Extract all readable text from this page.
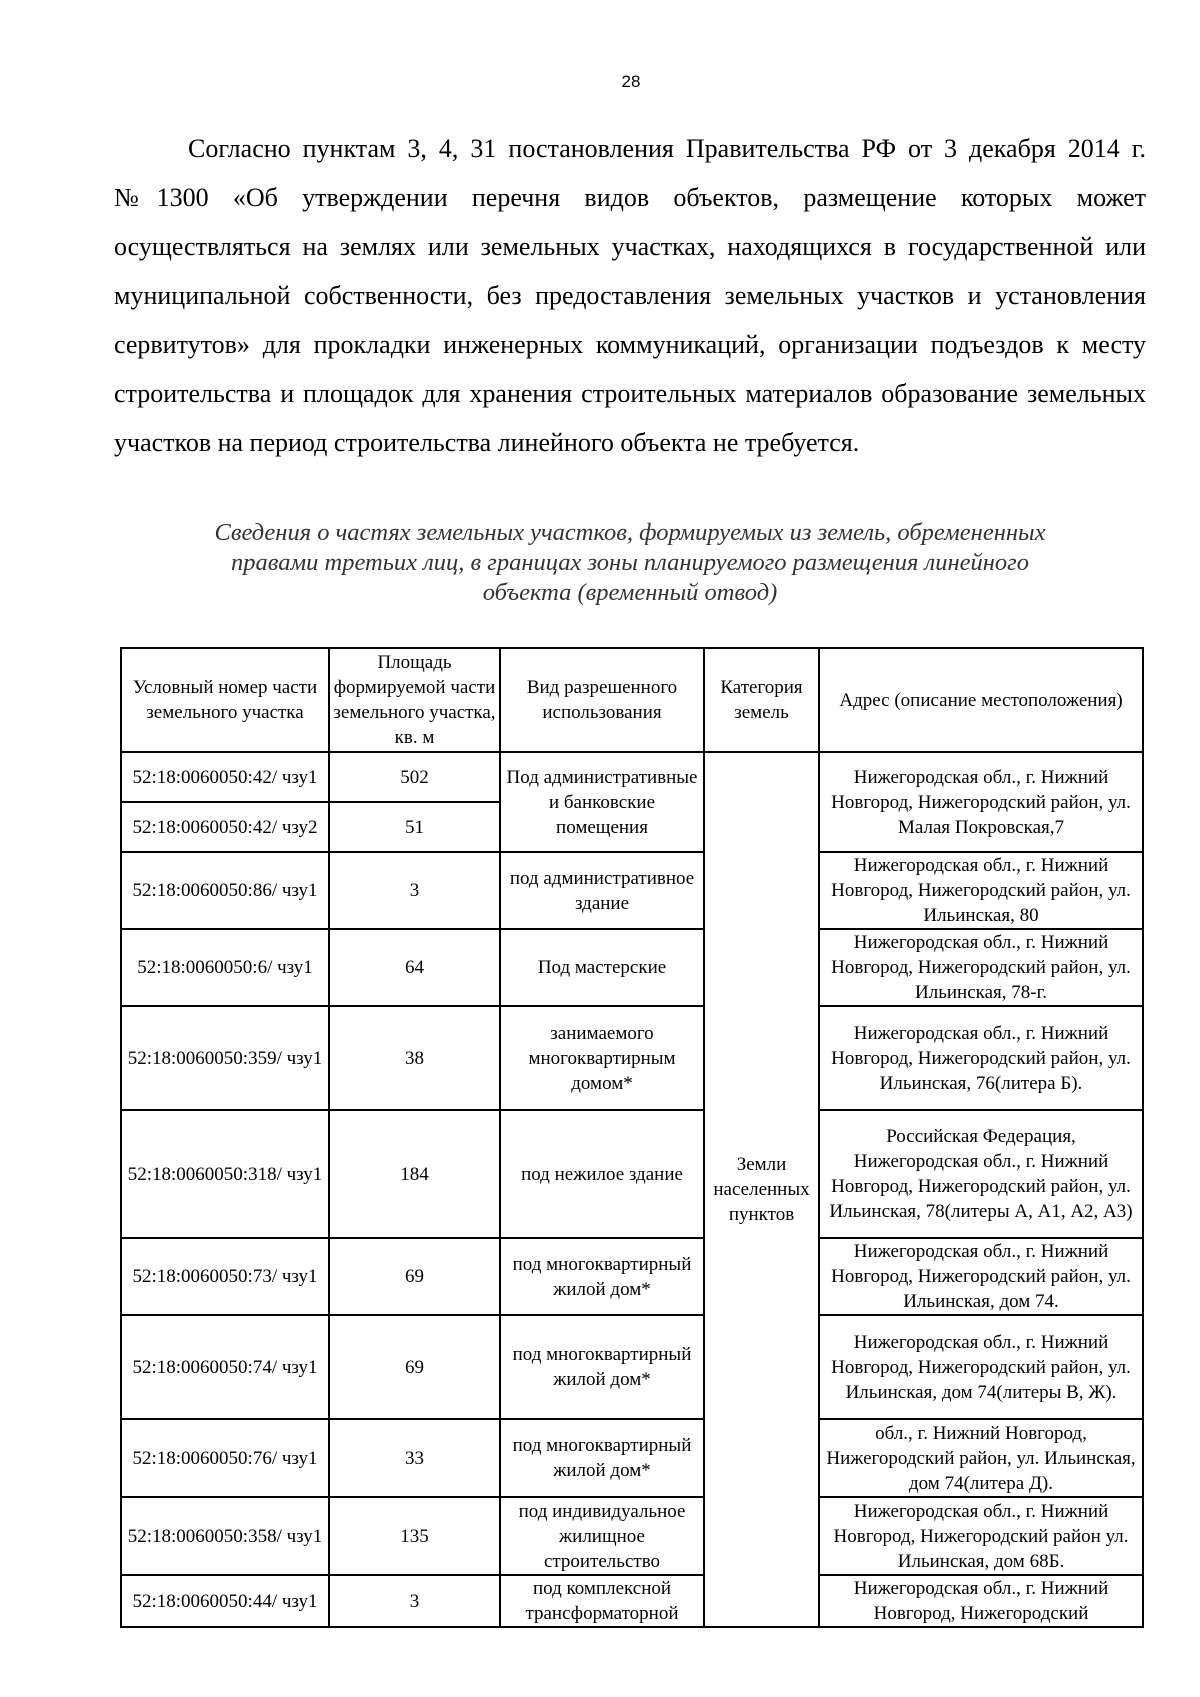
28

Согласно пунктам 3, 4, 31 постановления Правительства РФ от 3 декабря 2014 г. №1300 «Об утверждении перечня видов объектов, размещение которых может осуществляться на землях или земельных участках, находящихся в государственной или муниципальной собственности, без предоставления земельных участков и установления сервитутов» для прокладки инженерных коммуникаций, организации подъездов к месту строительства и площадок для хранения строительных материалов образование земельных участков на период строительства линейного объекта не требуется.

Сведения о частях земельных участков, формируемых из земель, обремененных
правами третьих лиц, в границах зоны планируемого размещения линейного
объекта (временный отвод)
Условный номер части земельного участка	Площадь формируемой части земельного участка, кв. м	Вид разрешенного использования	Категория земель	Адрес (описание местоположения)
52:18:0060050:42/ чзу1	502	Под административные и банковские помещения	Земли населенных пунктов	Нижегородская обл., г. Нижний Новгород, Нижегородский район, ул. Малая Покровская,7
52:18:0060050:42/ чзу2	51			
52:18:0060050:86/ чзу1	3	под административное здание		Нижегородская обл., г. Нижний Новгород, Нижегородский район, ул. Ильинская, 80
52:18:0060050:6/ чзу1	64	Под мастерские		Нижегородская обл., г. Нижний Новгород, Нижегородский район, ул. Ильинская, 78-г.
52:18:0060050:359/ чзу1	38	занимаемого многоквартирным домом*		Нижегородская обл., г. Нижний Новгород, Нижегородский район, ул. Ильинская, 76(литера Б).
52:18:0060050:318/ чзу1	184	под нежилое здание		Российская Федерация, Нижегородская обл., г. Нижний Новгород, Нижегородский район, ул. Ильинская, 78(литеры А, А1, А2, А3)
52:18:0060050:73/ чзу1	69	под многоквартирный жилой дом*		Нижегородская обл., г. Нижний Новгород, Нижегородский район, ул. Ильинская, дом 74.
52:18:0060050:74/ чзу1	69	под многоквартирный жилой дом*		Нижегородская обл., г. Нижний Новгород, Нижегородский район, ул. Ильинская, дом 74(литеры В, Ж).
52:18:0060050:76/ чзу1	33	под многоквартирный жилой дом*		обл., г. Нижний Новгород, Нижегородский район, ул. Ильинская, дом 74(литера Д).
52:18:0060050:358/ чзу1	135	под индивидуальное жилищное строительство		Нижегородская обл., г. Нижний Новгород, Нижегородский район ул. Ильинская, дом 68Б.
52:18:0060050:44/ чзу1	3	под комплексной трансформаторной		Нижегородская обл., г. Нижний Новгород, Нижегородский
